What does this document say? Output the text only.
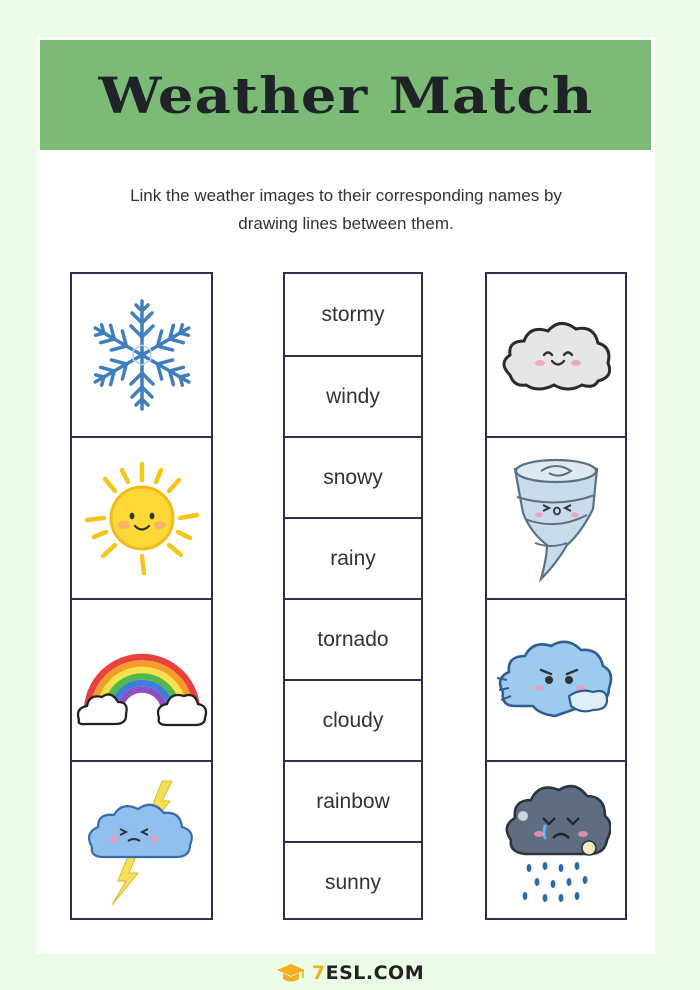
Weather Match
Link the weather images to their corresponding names by
drawing lines between them.
stormy
windy
snowy
rainy
tornado
cloudy
rainbow
sunny
7ESL.COM
